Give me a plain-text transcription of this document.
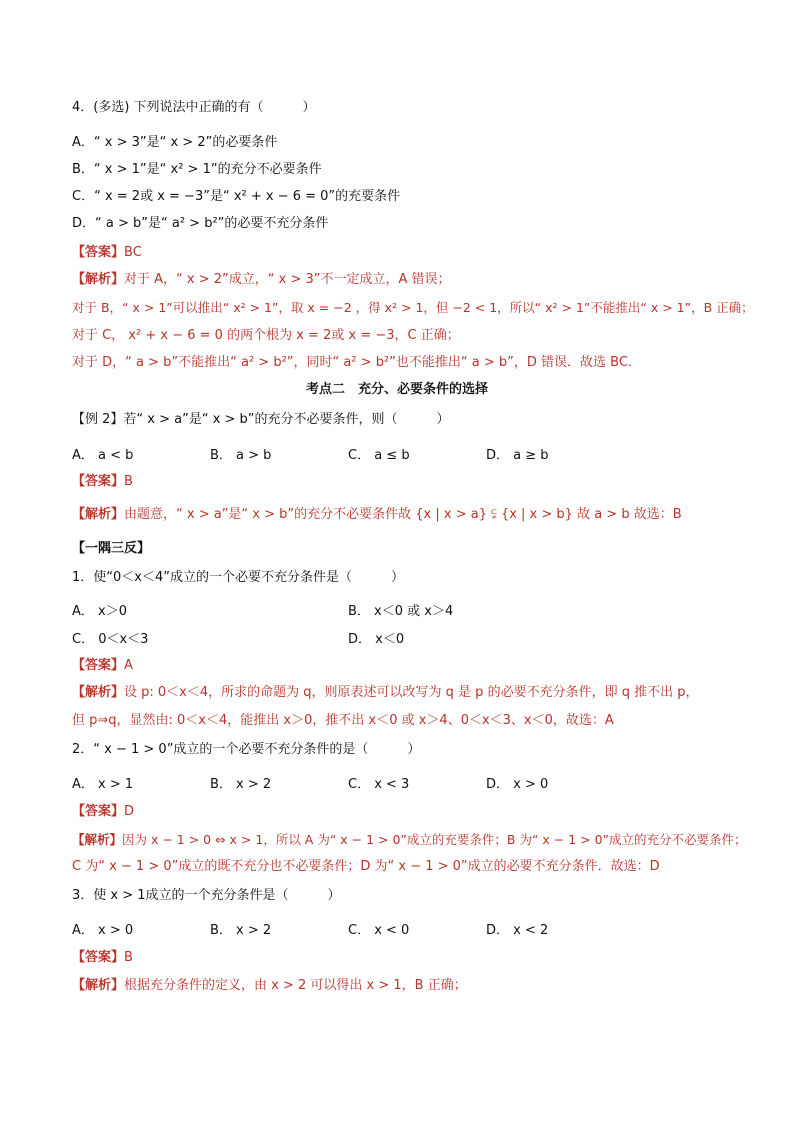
4．(多选) 下列说法中正确的有（　　　）
A．“ x > 3”是“ x > 2”的必要条件
B．“ x > 1”是“ x² > 1”的充分不必要条件
C．“ x = 2或 x = −3”是“ x² + x − 6 = 0”的充要条件
D．“ a > b”是“ a² > b²”的必要不充分条件
【答案】BC
【解析】对于 A，“ x > 2”成立，“ x > 3”不一定成立，A 错误；
对于 B，“ x > 1”可以推出“ x² > 1”，取 x = −2 ，得 x² > 1，但 −2 < 1，所以“ x² > 1”不能推出“ x > 1”，B 正确；
对于 C， x² + x − 6 = 0 的两个根为 x = 2或 x = −3，C 正确；
对于 D，“ a > b”不能推出“ a² > b²”，同时“ a² > b²”也不能推出“ a > b”，D 错误．故选 BC．
考点二　充分、必要条件的选择
【例 2】若“ x > a”是“ x > b”的充分不必要条件，则（　　　）
A． a < b	B． a > b	C． a ≤ b	D． a ≥ b
【答案】B
【解析】由题意，“ x > a”是“ x > b”的充分不必要条件故 {x | x > a} ⫋ {x | x > b} 故 a > b 故选：B
【一隅三反】
1．使“0＜x＜4”成立的一个必要不充分条件是（　　　）
A． x＞0	B． x＜0 或 x＞4
C． 0＜x＜3	D． x＜0
【答案】A
【解析】设 p: 0＜x＜4，所求的命题为 q，则原表述可以改写为 q 是 p 的必要不充分条件，即 q 推不出 p，
但 p⇒q，显然由: 0＜x＜4，能推出 x＞0，推不出 x＜0 或 x＞4、0＜x＜3、x＜0，故选：A
2．“ x − 1 > 0”成立的一个必要不充分条件的是（　　　）
A． x > 1	B． x > 2	C． x < 3	D． x > 0
【答案】D
【解析】因为 x − 1 > 0 ⇔ x > 1，所以 A 为“ x − 1 > 0”成立的充要条件；B 为“ x − 1 > 0”成立的充分不必要条件；
C 为“ x − 1 > 0”成立的既不充分也不必要条件；D 为“ x − 1 > 0”成立的必要不充分条件．故选：D
3．使 x > 1成立的一个充分条件是（　　　）
A． x > 0	B． x > 2	C． x < 0	D． x < 2
【答案】B
【解析】根据充分条件的定义，由 x > 2 可以得出 x > 1，B 正确；
